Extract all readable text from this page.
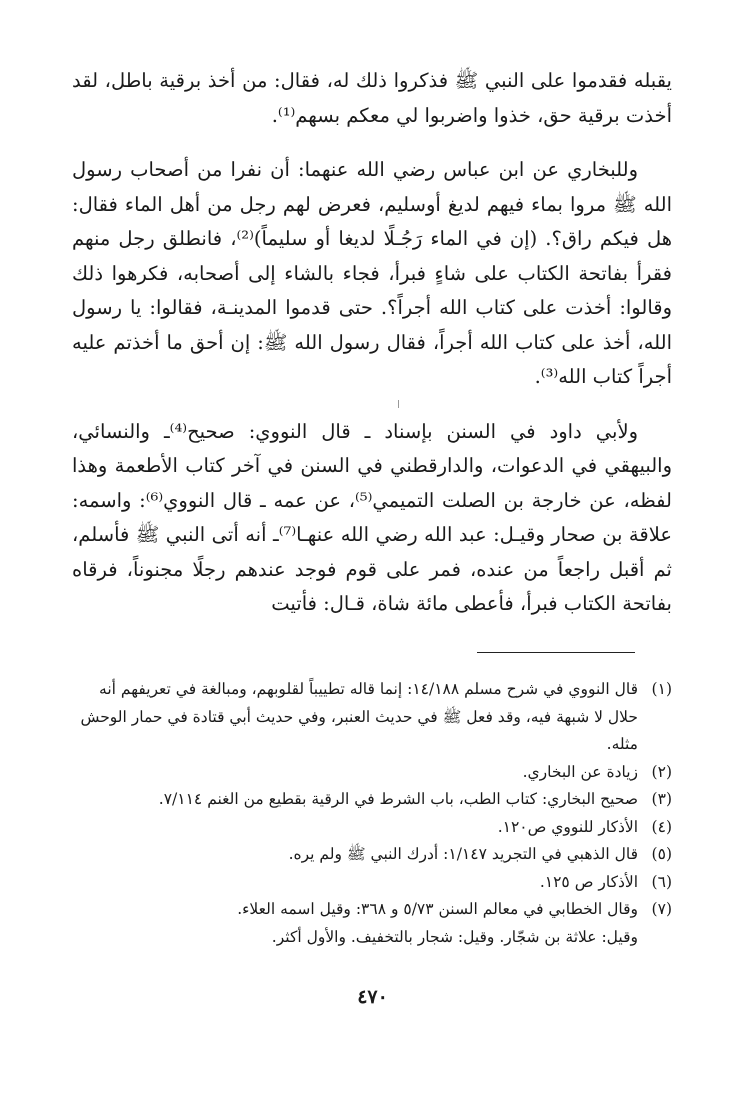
يقبله فقدموا على النبي ﷺ فذكروا ذلك له، فقال: من أخذ برقية باطل، لقد أخذت برقية حق، خذوا واضربوا لي معكم بسهم⁽¹⁾.

وللبخاري عن ابن عباس رضي الله عنهما: أن نفرا من أصحاب رسول الله ﷺ مروا بماء فيهم لديغ أوسليم، فعرض لهم رجل من أهل الماء فقال: هل فيكم راق؟. (إن في الماء رَجُـلًا لديغا أو سليماً)⁽²⁾، فانطلق رجل منهم فقرأ بفاتحة الكتاب على شاءٍ فبرأ، فجاء بالشاء إلى أصحابه، فكرهوا ذلك وقالوا: أخذت على كتاب الله أجراً؟. حتى قدموا المدينـة، فقالوا: يا رسول الله، أخذ على كتاب الله أجراً، فقال رسول الله ﷺ: إن أحق ما أخذتم عليه أجراً كتاب الله⁽³⁾.

ولأبي داود في السنن بإسناد ـ قال النووي: صحيح⁽⁴⁾ـ والنسائي، والبيهقي في الدعوات، والدارقطني في السنن في آخر كتاب الأطعمة وهذا لفظه، عن خارجة بن الصلت التميمي⁽⁵⁾، عن عمه ـ قال النووي⁽⁶⁾: واسمه: علاقة بن صحار وقيـل: عبد الله رضي الله عنهـا⁽⁷⁾ـ أنه أتى النبي ﷺ فأسلم، ثم أقبل راجعاً من عنده، فمر على قوم فوجد عندهم رجلًا مجنوناً، فرقاه بفاتحة الكتاب فبرأ، فأعطى مائة شاة، قـال: فأتيت

(١)
قال النووي في شرح مسلم ١٤/١٨٨: إنما قاله تطييباً لقلوبهم، ومبالغة في تعريفهم أنه حلال لا شبهة فيه، وقد فعل ﷺ في حديث العنبر، وفي حديث أبي قتادة في حمار الوحش مثله.

(٢)
زيادة عن البخاري.

(٣)
صحيح البخاري: كتاب الطب، باب الشرط في الرقية بقطيع من الغنم ٧/١١٤.

(٤)
الأذكار للنووي ص١٢٠.

(٥)
قال الذهبي في التجريد ١/١٤٧: أدرك النبي ﷺ ولم يره.

(٦)
الأذكار ص ١٢٥.

(٧)
وقال الخطابي في معالم السنن ٥/٧٣ و ٣٦٨: وقيل اسمه العلاء.

وقيل: علاثة بن شجّار. وقيل: شجار بالتخفيف. والأول أكثر.

٤٧٠
